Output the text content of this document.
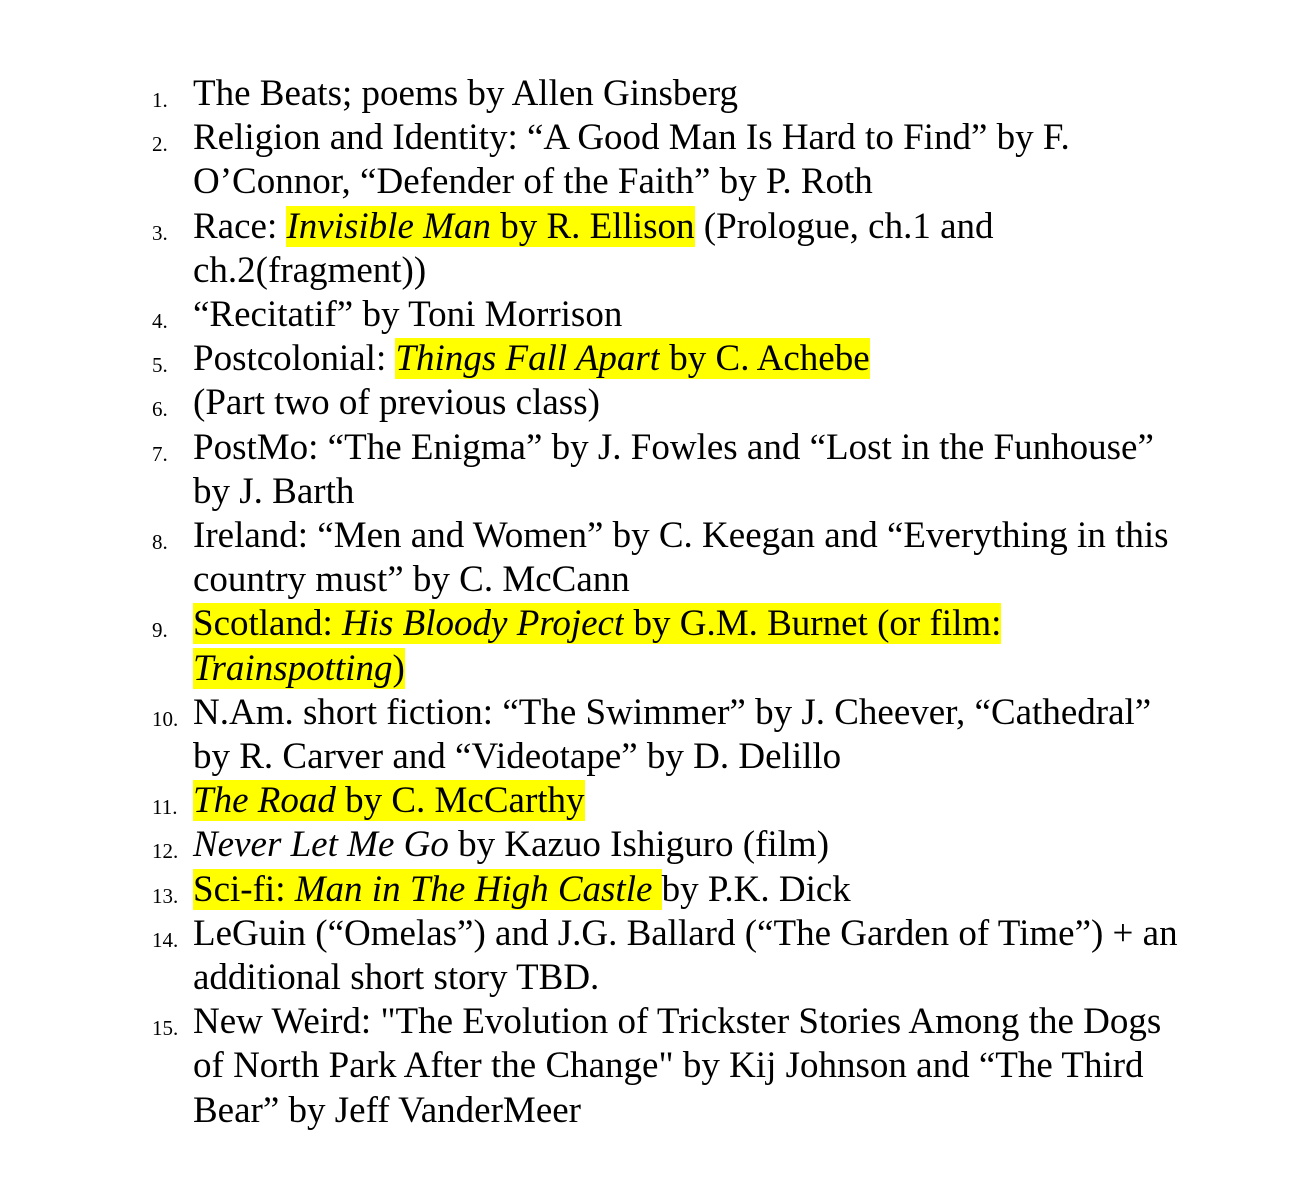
1. The Beats; poems by Allen Ginsberg
2. Religion and Identity: “A Good Man Is Hard to Find” by F. O’Connor, “Defender of the Faith” by P. Roth
3. Race: Invisible Man by R. Ellison (Prologue, ch.1 and ch.2(fragment))
4. “Recitatif” by Toni Morrison
5. Postcolonial: Things Fall Apart by C. Achebe
6. (Part two of previous class)
7. PostMo: “The Enigma” by J. Fowles and “Lost in the Funhouse” by J. Barth
8. Ireland: “Men and Women” by C. Keegan and “Everything in this country must” by C. McCann
9. Scotland: His Bloody Project by G.M. Burnet (or film: Trainspotting)
10. N.Am. short fiction: “The Swimmer” by J. Cheever, “Cathedral” by R. Carver and “Videotape” by D. Delillo
11. The Road by C. McCarthy
12. Never Let Me Go by Kazuo Ishiguro (film)
13. Sci-fi: Man in The High Castle by P.K. Dick
14. LeGuin (“Omelas”) and J.G. Ballard (“The Garden of Time”) + an additional short story TBD.
15. New Weird: "The Evolution of Trickster Stories Among the Dogs of North Park After the Change" by Kij Johnson and “The Third Bear” by Jeff VanderMeer
